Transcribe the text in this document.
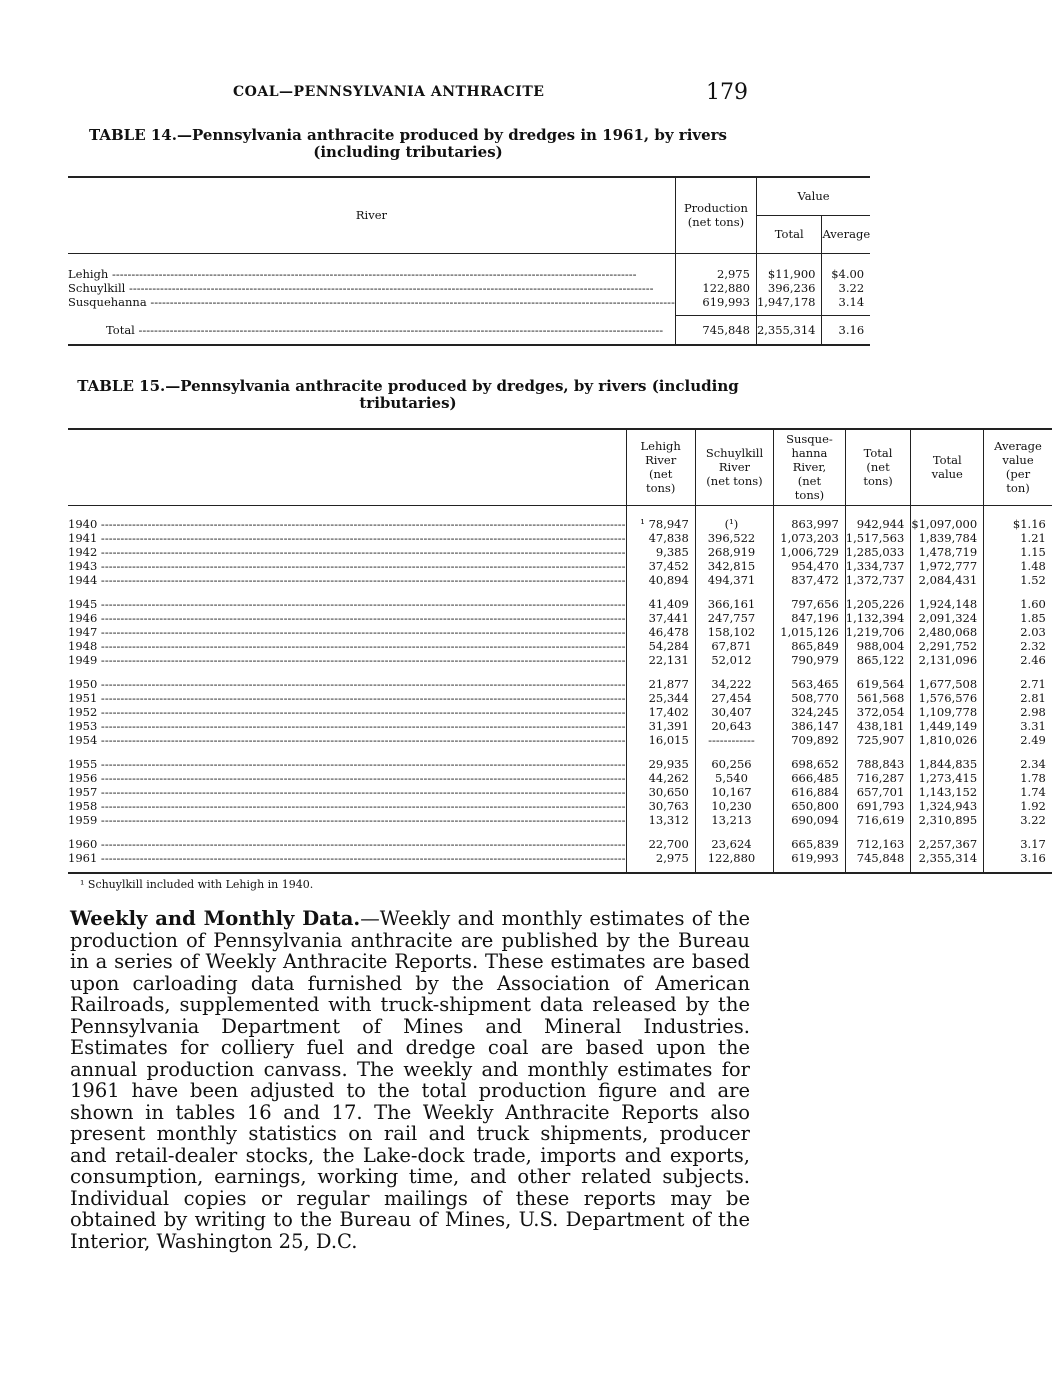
COAL—PENNSYLVANIA ANTHRACITE	179
TABLE 14.—Pennsylvania anthracite produced by dredges in 1961, by rivers
(including tributaries)
River	Production (net tons)	Value	
		Total	Average

Lehigh -----	2,975	$11,900	$4.00
Schuylkill -----	122,880	396,236	3.22
Susquehanna -----	619,993	1,947,178	3.14
Total -----	745,848	2,355,314	3.16
TABLE 15.—Pennsylvania anthracite produced by dredges, by rivers (including
tributaries)
	Lehigh River (net tons)	Schuylkill River (net tons)	Susque-hanna River, (net tons)	Total (net tons)	Total value	Average value (per ton)

1940 -----	¹ 78,947	(¹)	863,997	942,944	$1,097,000	$1.16
1941 -----	47,838	396,522	1,073,203	1,517,563	1,839,784	1.21
1942 -----	9,385	268,919	1,006,729	1,285,033	1,478,719	1.15
1943 -----	37,452	342,815	954,470	1,334,737	1,972,777	1.48
1944 -----	40,894	494,371	837,472	1,372,737	2,084,431	1.52

1945 -----	41,409	366,161	797,656	1,205,226	1,924,148	1.60
1946 -----	37,441	247,757	847,196	1,132,394	2,091,324	1.85
1947 -----	46,478	158,102	1,015,126	1,219,706	2,480,068	2.03
1948 -----	54,284	67,871	865,849	988,004	2,291,752	2.32
1949 -----	22,131	52,012	790,979	865,122	2,131,096	2.46

1950 -----	21,877	34,222	563,465	619,564	1,677,508	2.71
1951 -----	25,344	27,454	508,770	561,568	1,576,576	2.81
1952 -----	17,402	30,407	324,245	372,054	1,109,778	2.98
1953 -----	31,391	20,643	386,147	438,181	1,449,149	3.31
1954 -----	16,015	------------	709,892	725,907	1,810,026	2.49

1955 -----	29,935	60,256	698,652	788,843	1,844,835	2.34
1956 -----	44,262	5,540	666,485	716,287	1,273,415	1.78
1957 -----	30,650	10,167	616,884	657,701	1,143,152	1.74
1958 -----	30,763	10,230	650,800	691,793	1,324,943	1.92
1959 -----	13,312	13,213	690,094	716,619	2,310,895	3.22

1960 -----	22,700	23,624	665,839	712,163	2,257,367	3.17
1961 -----	2,975	122,880	619,993	745,848	2,355,314	3.16

¹ Schuylkill included with Lehigh in 1940.
Weekly and Monthly Data.—Weekly and monthly estimates of the production of Pennsylvania anthracite are published by the Bureau in a series of Weekly Anthracite Reports. These estimates are based upon carloading data furnished by the Association of American Railroads, supplemented with truck-shipment data released by the Pennsylvania Department of Mines and Mineral Industries. Estimates for colliery fuel and dredge coal are based upon the annual production canvass. The weekly and monthly estimates for 1961 have been adjusted to the total production figure and are shown in tables 16 and 17. The Weekly Anthracite Reports also present monthly statistics on rail and truck shipments, producer and retail-dealer stocks, the Lake-dock trade, imports and exports, consumption, earnings, working time, and other related subjects. Individual copies or regular mailings of these reports may be obtained by writing to the Bureau of Mines, U.S. Department of the Interior, Washington 25, D.C.
